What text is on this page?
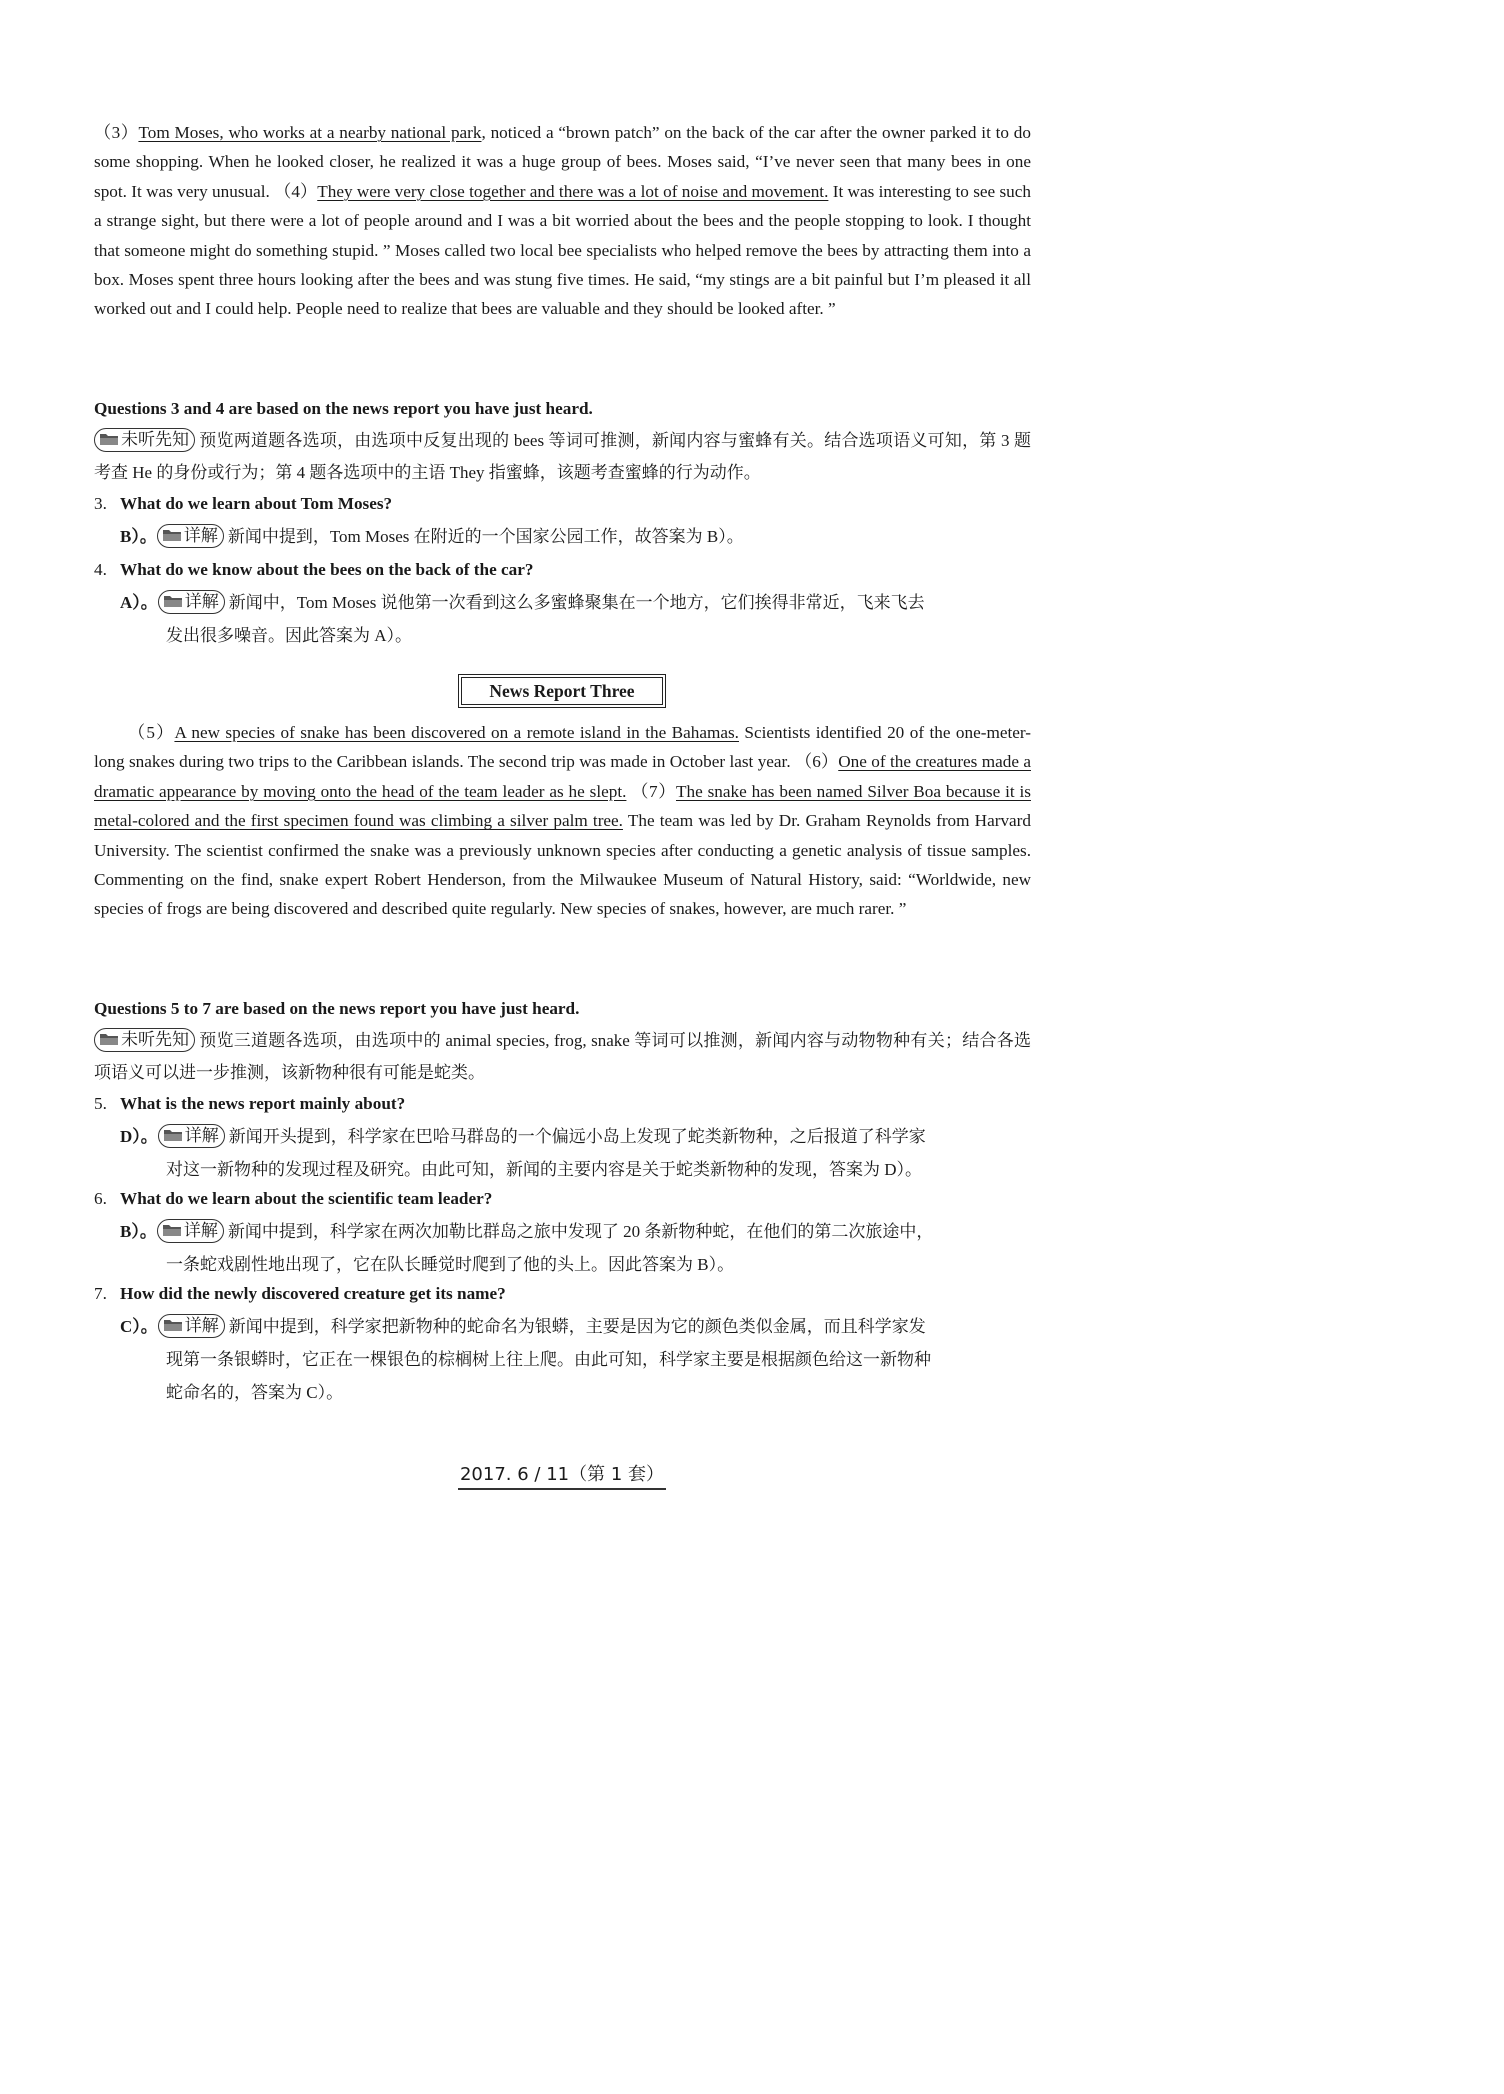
（3）Tom Moses, who works at a nearby national park, noticed a “brown patch” on the back of the car after the owner parked it to do some shopping. When he looked closer, he realized it was a huge group of bees. Moses said, “I’ve never seen that many bees in one spot. It was very unusual. （4）They were very close together and there was a lot of noise and movement. It was interesting to see such a strange sight, but there were a lot of people around and I was a bit worried about the bees and the people stopping to look. I thought that someone might do something stupid. ” Moses called two local bee specialists who helped remove the bees by attracting them into a box. Moses spent three hours looking after the bees and was stung five times. He said, “my stings are a bit painful but I’m pleased it all worked out and I could help. People need to realize that bees are valuable and they should be looked after. ”

Questions 3 and 4 are based on the news report you have just heard.

未听先知 预览两道题各选项，由选项中反复出现的 bees 等词可推测，新闻内容与蜜蜂有关。结合选项语义可知，第 3 题考查 He 的身份或行为；第 4 题各选项中的主语 They 指蜜蜂，该题考查蜜蜂的行为动作。

3. What do we learn about Tom Moses?
B）。 详解 新闻中提到，Tom Moses 在附近的一个国家公园工作，故答案为 B）。
4. What do we know about the bees on the back of the car?
A）。 详解 新闻中，Tom Moses 说他第一次看到这么多蜜蜂聚集在一个地方，它们挨得非常近，飞来飞去
发出很多噪音。因此答案为 A）。
News Report Three

（5）A new species of snake has been discovered on a remote island in the Bahamas. Scientists identified 20 of the one-meter-long snakes during two trips to the Caribbean islands. The second trip was made in October last year. （6）One of the creatures made a dramatic appearance by moving onto the head of the team leader as he slept. （7）The snake has been named Silver Boa because it is metal-colored and the first specimen found was climbing a silver palm tree. The team was led by Dr. Graham Reynolds from Harvard University. The scientist confirmed the snake was a previously unknown species after conducting a genetic analysis of tissue samples. Commenting on the find, snake expert Robert Henderson, from the Milwaukee Museum of Natural History, said: “Worldwide, new species of frogs are being discovered and described quite regularly. New species of snakes, however, are much rarer. ”

Questions 5 to 7 are based on the news report you have just heard.

未听先知 预览三道题各选项，由选项中的 animal species, frog, snake 等词可以推测，新闻内容与动物物种有关；结合各选项语义可以进一步推测，该新物种很有可能是蛇类。

5. What is the news report mainly about?
D）。 详解 新闻开头提到，科学家在巴哈马群岛的一个偏远小岛上发现了蛇类新物种，之后报道了科学家
对这一新物种的发现过程及研究。由此可知，新闻的主要内容是关于蛇类新物种的发现，答案为 D）。
6. What do we learn about the scientific team leader?
B）。 详解 新闻中提到，科学家在两次加勒比群岛之旅中发现了 20 条新物种蛇，在他们的第二次旅途中，
一条蛇戏剧性地出现了，它在队长睡觉时爬到了他的头上。因此答案为 B）。
7. How did the newly discovered creature get its name?
C）。 详解 新闻中提到，科学家把新物种的蛇命名为银蟒，主要是因为它的颜色类似金属，而且科学家发
现第一条银蟒时，它正在一棵银色的棕榈树上往上爬。由此可知，科学家主要是根据颜色给这一新物种
蛇命名的，答案为 C）。
2017. 6 / 11（第 1 套）
